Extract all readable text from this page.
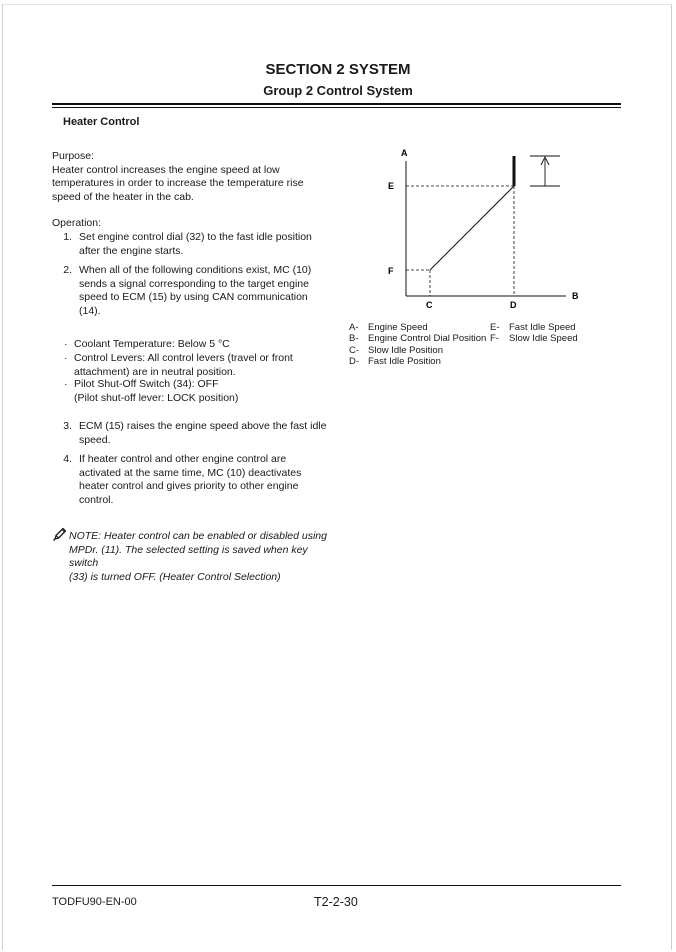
SECTION 2 SYSTEM
Group 2 Control System
Heater Control
Purpose:
Heater control increases the engine speed at low
temperatures in order to increase the temperature rise
speed of the heater in the cab.
Operation:
1. Set engine control dial (32) to the fast idle position
after the engine starts.
2. When all of the following conditions exist, MC (10)
sends a signal corresponding to the target engine
speed to ECM (15) by using CAN communication
(14).
· Coolant Temperature: Below 5 °C
· Control Levers: All control levers (travel or front
attachment) are in neutral position.
· Pilot Shut-Off Switch (34): OFF
(Pilot shut-off lever: LOCK position)
3. ECM (15) raises the engine speed above the fast idle
speed.
4. If heater control and other engine control are
activated at the same time, MC (10) deactivates
heater control and gives priority to other engine
control.
NOTE: Heater control can be enabled or disabled using
MPDr. (11). The selected setting is saved when key switch
(33) is turned OFF. (Heater Control Selection)
A
E
F
C	D
B
A- Engine Speed
B- Engine Control Dial Position
C- Slow Idle Position
D- Fast Idle Position
E- Fast Idle Speed
F- Slow Idle Speed
TODFU90-EN-00	T2-2-30
